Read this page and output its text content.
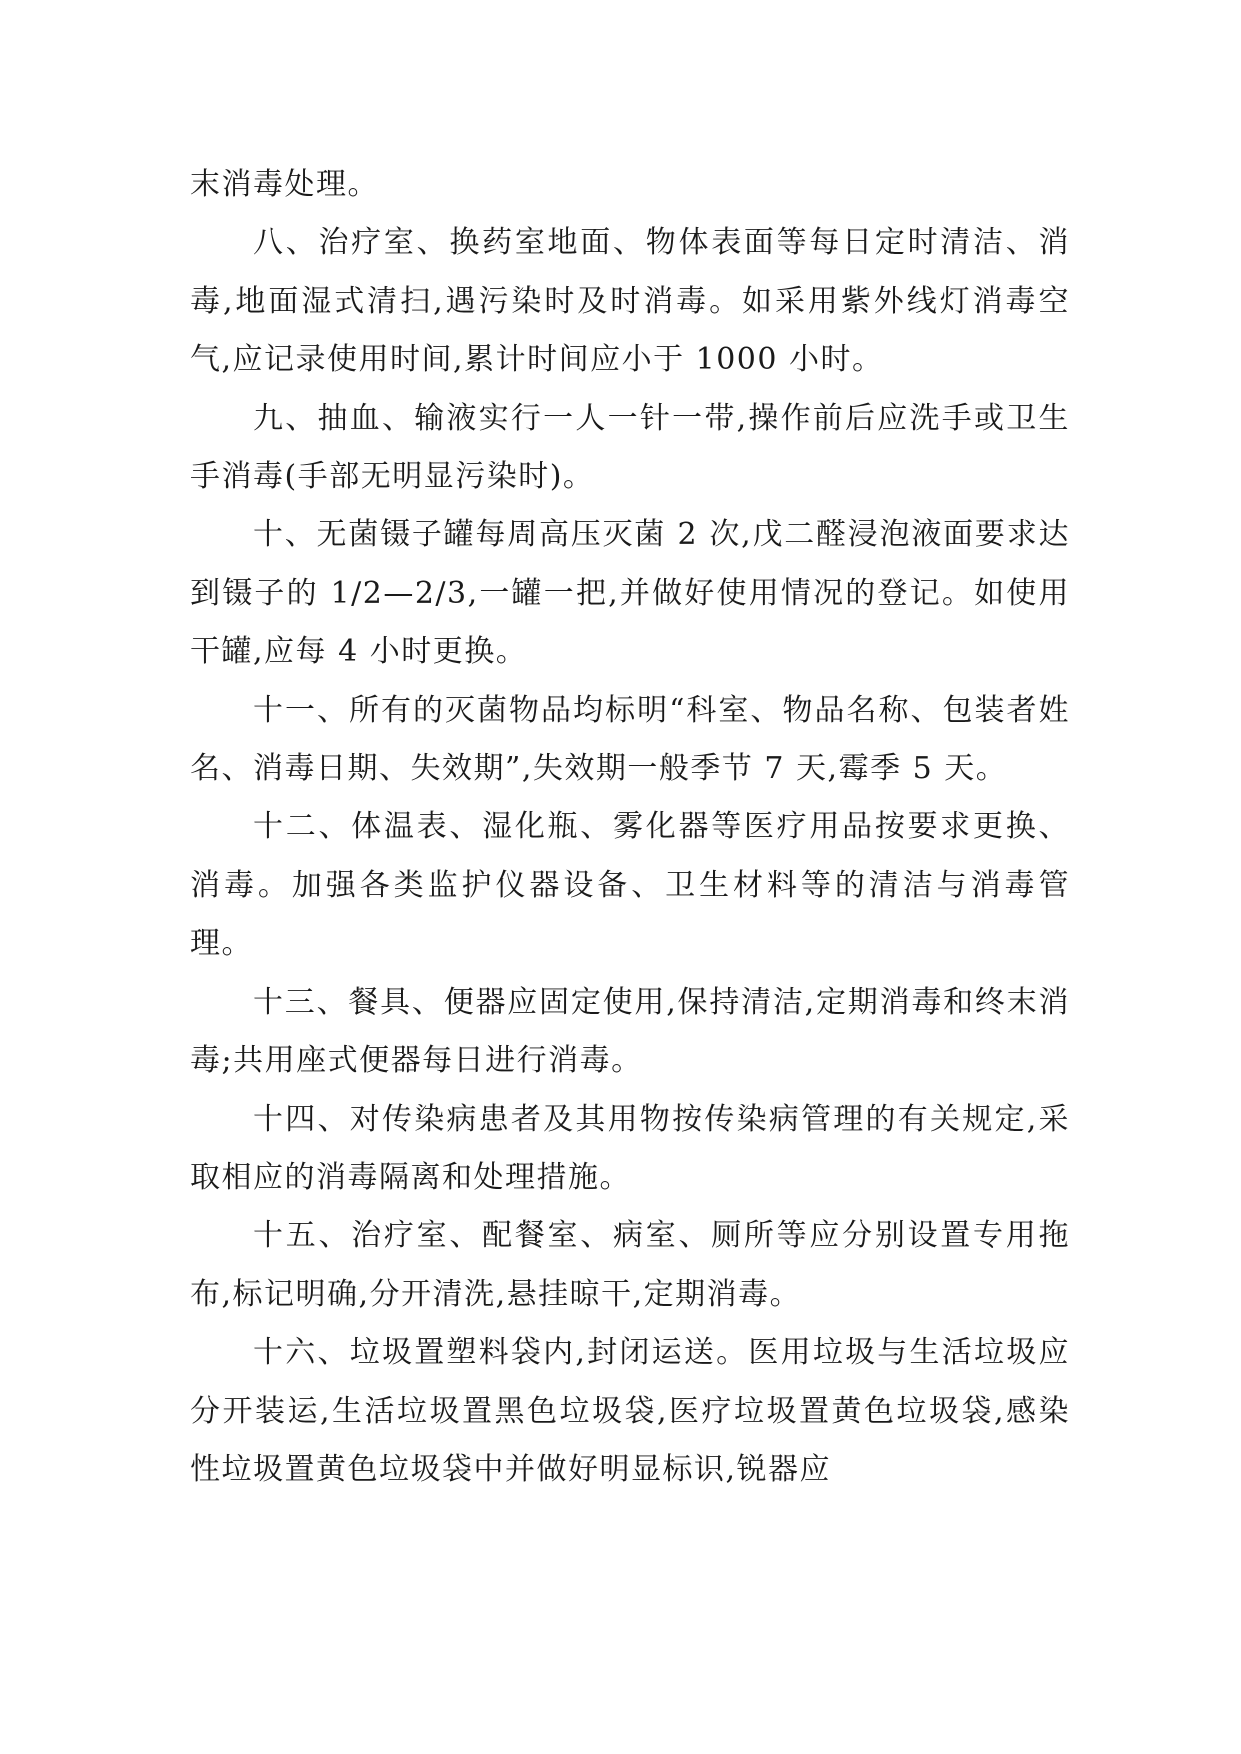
末消毒处理。

八、治疗室、换药室地面、物体表面等每日定时清洁、消毒,地面湿式清扫,遇污染时及时消毒。如采用紫外线灯消毒空气,应记录使用时间,累计时间应小于 1000 小时。

九、抽血、输液实行一人一针一带,操作前后应洗手或卫生手消毒(手部无明显污染时)。

十、无菌镊子罐每周高压灭菌 2 次,戊二醛浸泡液面要求达到镊子的 1/2—2/3,一罐一把,并做好使用情况的登记。如使用干罐,应每 4 小时更换。

十一、所有的灭菌物品均标明“科室、物品名称、包装者姓名、消毒日期、失效期”,失效期一般季节 7 天,霉季 5 天。

十二、体温表、湿化瓶、雾化器等医疗用品按要求更换、消毒。加强各类监护仪器设备、卫生材料等的清洁与消毒管理。

十三、餐具、便器应固定使用,保持清洁,定期消毒和终末消毒;共用座式便器每日进行消毒。

十四、对传染病患者及其用物按传染病管理的有关规定,采取相应的消毒隔离和处理措施。

十五、治疗室、配餐室、病室、厕所等应分别设置专用拖布,标记明确,分开清洗,悬挂晾干,定期消毒。

十六、垃圾置塑料袋内,封闭运送。医用垃圾与生活垃圾应分开装运,生活垃圾置黑色垃圾袋,医疗垃圾置黄色垃圾袋,感染性垃圾置黄色垃圾袋中并做好明显标识,锐器应
